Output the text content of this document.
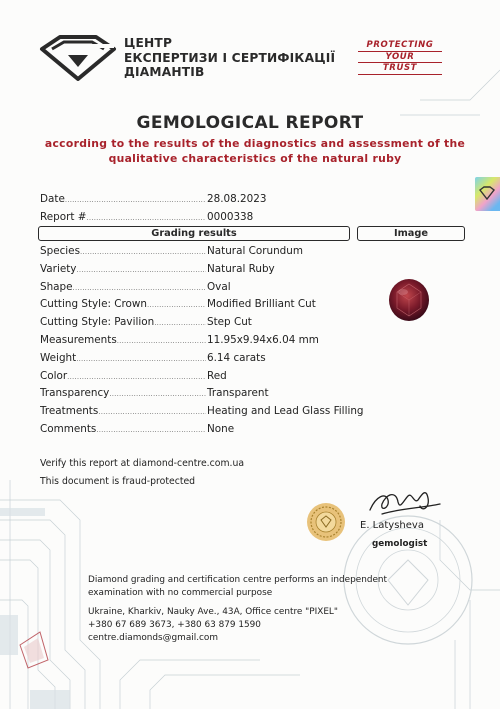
ЦЕНТР
ЕКСПЕРТИЗИ І СЕРТИФІКАЦІЇ
ДІАМАНТІВ
PROTECTING
YOUR
TRUST
GEMOLOGICAL REPORT
according to the results of the diagnostics and assessment of the qualitative characteristics of the natural ruby
Date .....	28.08.2023
Report # .....	0000338
Grading results	Image
Species .....	Natural Corundum
Variety .....	Natural Ruby
Shape .....	Oval
Cutting Style: Crown .....	Modified Brilliant Cut
Cutting Style: Pavilion .....	Step Cut
Measurements .....	11.95x9.94x6.04 mm
Weight .....	6.14 carats
Color .....	Red
Transparency .....	Transparent
Treatments .....	Heating and Lead Glass Filling
Comments .....	None
Verify this report at diamond-centre.com.ua
This document is fraud-protected
E. Latysheva
gemologist
Diamond grading and certification centre performs an independent
examination with no commercial purpose
Ukraine, Kharkiv, Nauky Ave., 43A, Office centre "PIXEL"
+380 67 689 3673, +380 63 879 1590
centre.diamonds@gmail.com
